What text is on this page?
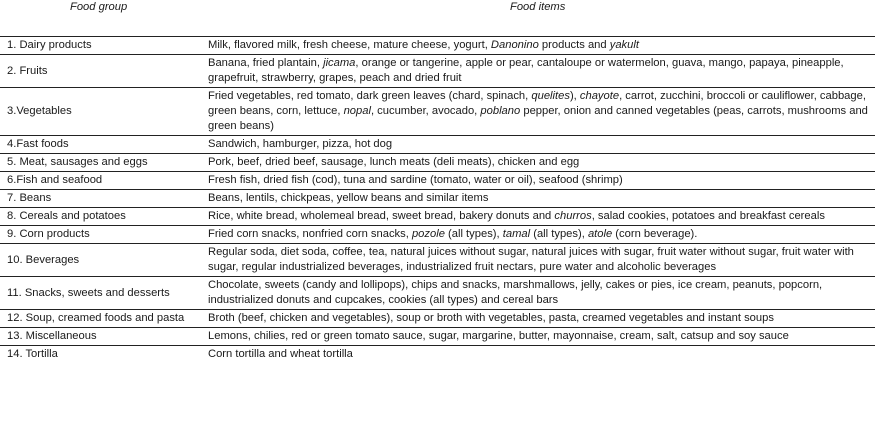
Food group	Food items
1. Dairy products	Milk, flavored milk, fresh cheese, mature cheese, yogurt, Danonino products and yakult
2. Fruits	Banana, fried plantain, jicama, orange or tangerine, apple or pear, cantaloupe or watermelon, guava, mango, papaya, pineapple, grapefruit, strawberry, grapes, peach and dried fruit
3.Vegetables	Fried vegetables, red tomato, dark green leaves (chard, spinach, quelites), chayote, carrot, zucchini, broccoli or cauliflower, cabbage, green beans, corn, lettuce, nopal, cucumber, avocado, poblano pepper, onion and canned vegetables (peas, carrots, mushrooms and green beans)
4.Fast foods	Sandwich, hamburger, pizza, hot dog
5. Meat, sausages and eggs	Pork, beef, dried beef, sausage, lunch meats (deli meats), chicken and egg
6.Fish and seafood	Fresh fish, dried fish (cod), tuna and sardine (tomato, water or oil), seafood (shrimp)
7. Beans	Beans, lentils, chickpeas, yellow beans and similar items
8. Cereals and potatoes	Rice, white bread, wholemeal bread, sweet bread, bakery donuts and churros, salad cookies, potatoes and breakfast cereals
9. Corn products	Fried corn snacks, nonfried corn snacks, pozole (all types), tamal (all types), atole (corn beverage).
10. Beverages	Regular soda, diet soda, coffee, tea, natural juices without sugar, natural juices with sugar, fruit water without sugar, fruit water with sugar, regular industrialized beverages, industrialized fruit nectars, pure water and alcoholic beverages
11. Snacks, sweets and desserts	Chocolate, sweets (candy and lollipops), chips and snacks, marshmallows, jelly, cakes or pies, ice cream, peanuts, popcorn, industrialized donuts and cupcakes, cookies (all types) and cereal bars
12. Soup, creamed foods and pasta	Broth (beef, chicken and vegetables), soup or broth with vegetables, pasta, creamed vegetables and instant soups
13. Miscellaneous	Lemons, chilies, red or green tomato sauce, sugar, margarine, butter, mayonnaise, cream, salt, catsup and soy sauce
14. Tortilla	Corn tortilla and wheat tortilla
